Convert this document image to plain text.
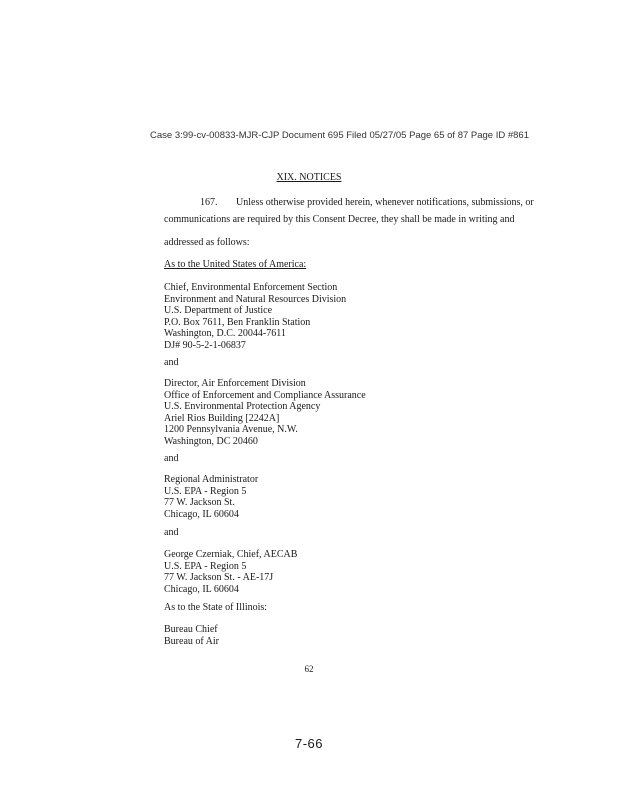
Case 3:99-cv-00833-MJR-CJP Document 695 Filed 05/27/05 Page 65 of 87 Page ID #861
XIX. NOTICES
167. Unless otherwise provided herein, whenever notifications, submissions, or
communications are required by this Consent Decree, they shall be made in writing and
addressed as follows:
As to the United States of America:
Chief, Environmental Enforcement Section
Environment and Natural Resources Division
U.S. Department of Justice
P.O. Box 7611, Ben Franklin Station
Washington, D.C. 20044-7611
DJ# 90-5-2-1-06837
and
Director, Air Enforcement Division
Office of Enforcement and Compliance Assurance
U.S. Environmental Protection Agency
Ariel Rios Building [2242A]
1200 Pennsylvania Avenue, N.W.
Washington, DC 20460
and
Regional Administrator
U.S. EPA - Region 5
77 W. Jackson St.
Chicago, IL 60604
and
George Czerniak, Chief, AECAB
U.S. EPA - Region 5
77 W. Jackson St. - AE-17J
Chicago, IL 60604
As to the State of Illinois:
Bureau Chief
Bureau of Air
62
7-66
